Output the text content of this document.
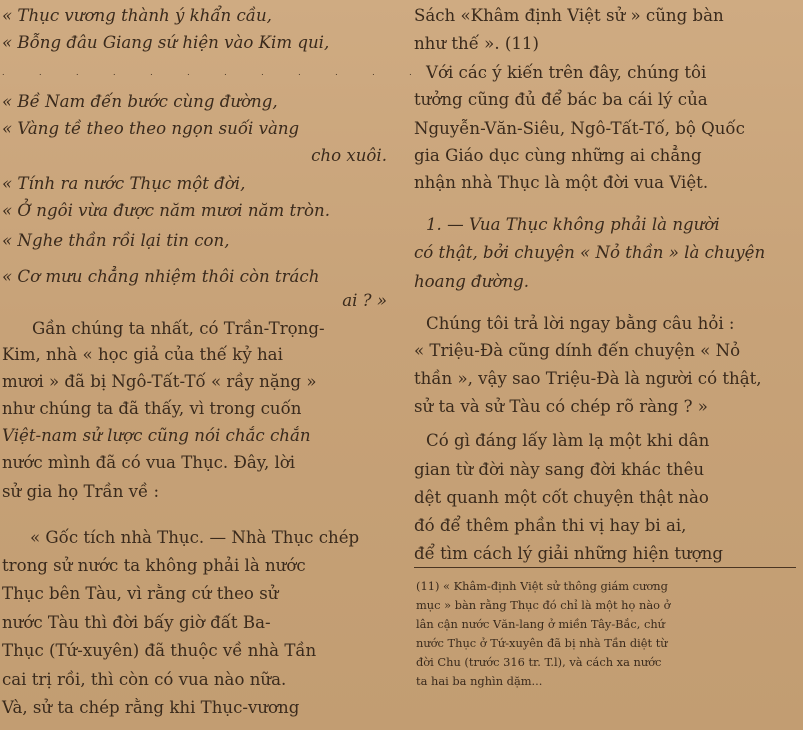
« Thục vương thành ý khẩn cầu,
« Bỗng đâu Giang sứ hiện vào Kim qui,
. . . . . . . . . . . . . . .
« Bề Nam đến bước cùng đường,
« Vàng tề theo theo ngọn suối vàng
cho xuôi.
« Tính ra nước Thục một đời,
« Ở ngôi vừa được năm mươi năm tròn.
« Nghe thần rồi lại tin con,
« Cơ mưu chẳng nhiệm thôi còn trách
ai ? »
Gần chúng ta nhất, có Trần-Trọng-
Kim, nhà « học giả của thế kỷ hai
mươi » đã bị Ngô-Tất-Tố « rầy nặng »
như chúng ta đã thấy, vì trong cuốn
Việt-nam sử lược cũng nói chắc chắn
nước mình đã có vua Thục. Đây, lời
sử gia họ Trần về :
« Gốc tích nhà Thục. — Nhà Thục chép
trong sử nước ta không phải là nước
Thục bên Tàu, vì rằng cứ theo sử
nước Tàu thì đời bấy giờ đất Ba-
Thục (Tứ-xuyên) đã thuộc về nhà Tần
cai trị rồi, thì còn có vua nào nữa.
Và, sử ta chép rằng khi Thục-vương
Sách «Khâm định Việt sử » cũng bàn
như thế ». (11)
Với các ý kiến trên đây, chúng tôi
tưởng cũng đủ để bác ba cái lý của
Nguyễn-Văn-Siêu, Ngô-Tất-Tố, bộ Quốc
gia Giáo dục cùng những ai chẳng
nhận nhà Thục là một đời vua Việt.
1. — Vua Thục không phải là người
có thật, bởi chuyện « Nỏ thần » là chuyện
hoang đường.
Chúng tôi trả lời ngay bằng câu hỏi :
« Triệu-Đà cũng dính đến chuyện « Nỏ
thần », vậy sao Triệu-Đà là người có thật,
sử ta và sử Tàu có chép rõ ràng ? »
Có gì đáng lấy làm lạ một khi dân
gian từ đời này sang đời khác thêu
dệt quanh một cốt chuyện thật nào
đó để thêm phần thi vị hay bi ai,
để tìm cách lý giải những hiện tượng
(11) « Khâm-định Việt sử thông giám cương
mục » bàn rằng Thục đó chỉ là một họ nào ở
lân cận nước Văn-lang ở miền Tây-Bắc, chứ
nước Thục ở Tứ-xuyên đã bị nhà Tần diệt từ
đời Chu (trước 316 tr. T.l), và cách xa nước
ta hai ba nghìn dặm...
